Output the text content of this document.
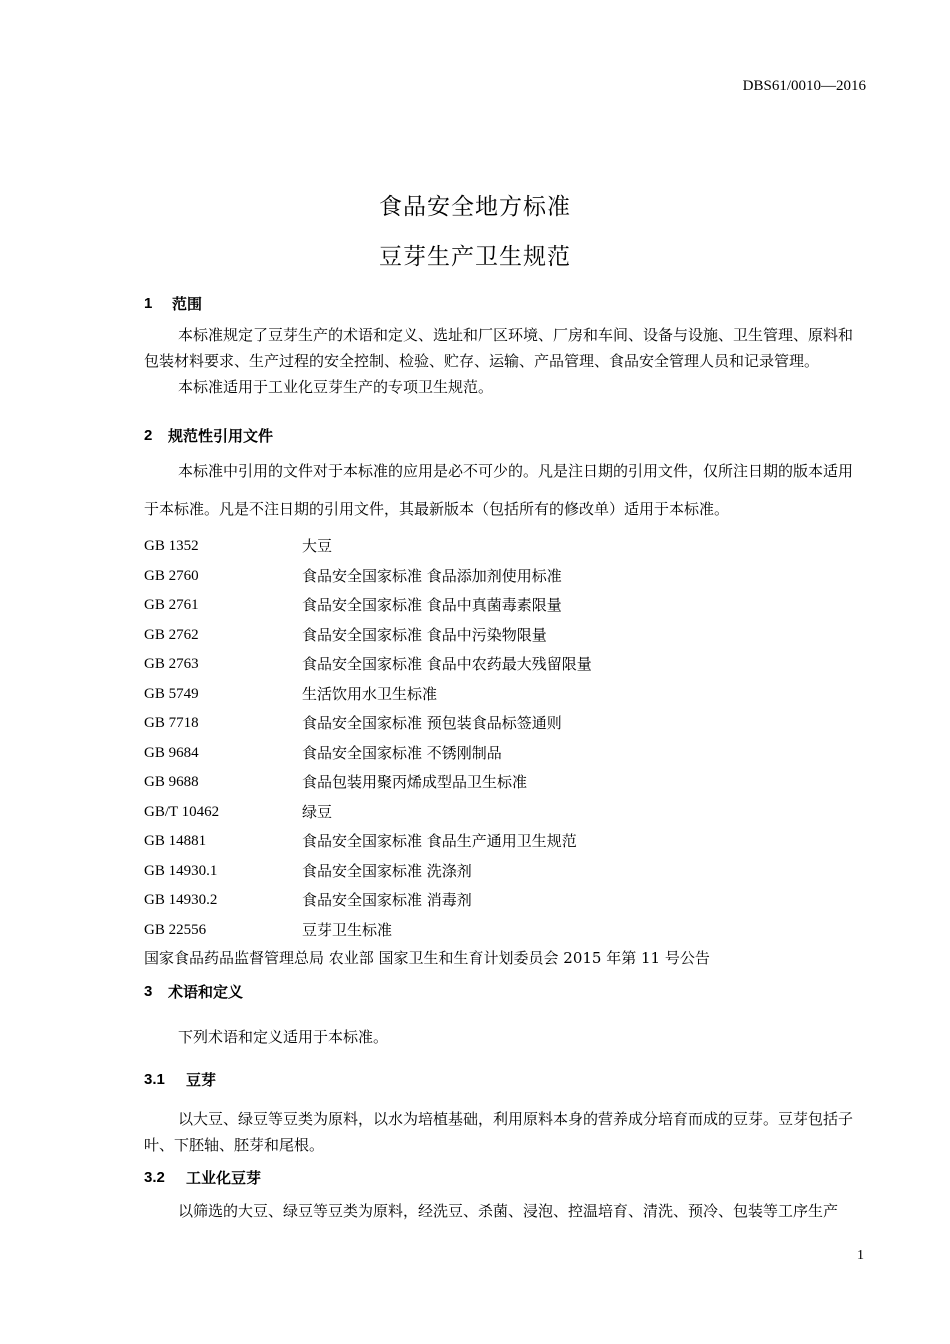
DBS61/0010—2016
食品安全地方标准
豆芽生产卫生规范
1	范围

本标准规定了豆芽生产的术语和定义、选址和厂区环境、厂房和车间、设备与设施、卫生管理、原料和包装材料要求、生产过程的安全控制、检验、贮存、运输、产品管理、食品安全管理人员和记录管理。

本标准适用于工业化豆芽生产的专项卫生规范。

2	规范性引用文件

本标准中引用的文件对于本标准的应用是必不可少的。凡是注日期的引用文件，仅所注日期的版本适用于本标准。凡是不注日期的引用文件，其最新版本（包括所有的修改单）适用于本标准。

GB 1352	大豆
GB 2760	食品安全国家标准 食品添加剂使用标准
GB 2761	食品安全国家标准 食品中真菌毒素限量
GB 2762	食品安全国家标准 食品中污染物限量
GB 2763	食品安全国家标准 食品中农药最大残留限量
GB 5749	生活饮用水卫生标准
GB 7718	食品安全国家标准 预包装食品标签通则
GB 9684	食品安全国家标准 不锈刚制品
GB 9688	食品包装用聚丙烯成型品卫生标准
GB/T 10462	绿豆
GB 14881	食品安全国家标准 食品生产通用卫生规范
GB 14930.1	食品安全国家标准 洗涤剂
GB 14930.2	食品安全国家标准 消毒剂
GB 22556	豆芽卫生标准
国家食品药品监督管理总局 农业部 国家卫生和生育计划委员会 2015 年第 11 号公告
3	术语和定义

下列术语和定义适用于本标准。

3.1	豆芽

以大豆、绿豆等豆类为原料，以水为培植基础，利用原料本身的营养成分培育而成的豆芽。豆芽包括子叶、下胚轴、胚芽和尾根。

3.2	工业化豆芽

以筛选的大豆、绿豆等豆类为原料，经洗豆、杀菌、浸泡、控温培育、清洗、预冷、包装等工序生产

1
